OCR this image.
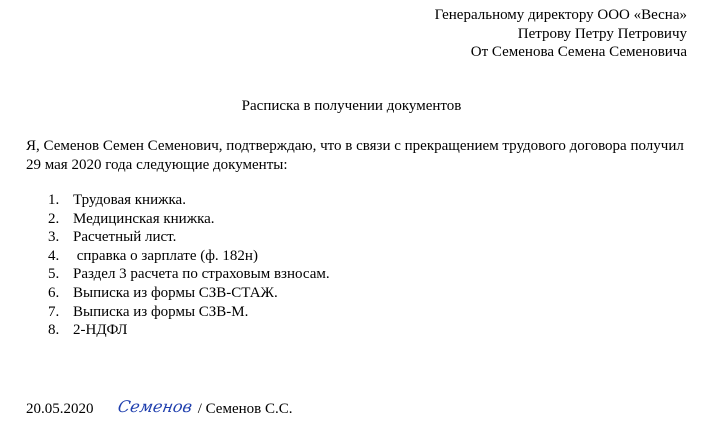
Генеральному директору ООО «Весна»
Петрову Петру Петровичу
От Семенова Семена Семеновича
Расписка в получении документов
Я, Семенов Семен Семенович, подтверждаю, что в связи с прекращением трудового договора получил 29 мая 2020 года следующие документы:
1. Трудовая книжка.
2. Медицинская книжка.
3. Расчетный лист.
4. справка о зарплате (ф. 182н)
5. Раздел 3 расчета по страховым взносам.
6. Выписка из формы СЗВ-СТАЖ.
7. Выписка из формы СЗВ-М.
8. 2-НДФЛ
20.05.2020 Семенов / Семенов С.С.
